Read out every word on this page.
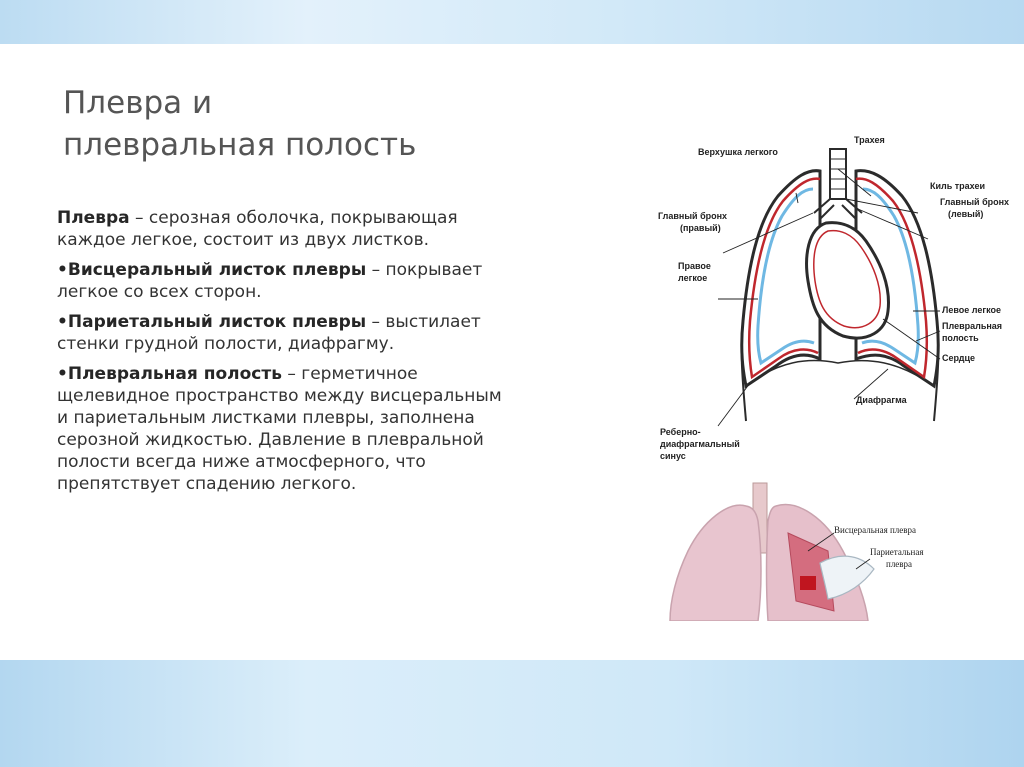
Плевра и
плевральная полость

Плевра – серозная оболочка, покрывающая
каждое легкое, состоит из двух листков.

•Висцеральный листок плевры – покрывает
легкое со всех сторон.

•Париетальный листок плевры – выстилает
стенки грудной полости, диафрагму.

•Плевральная полость – герметичное
щелевидное пространство между висцеральным
и париетальным листками плевры, заполнена
серозной жидкостью. Давление в плевральной
полости всегда ниже атмосферного, что
препятствует спадению легкого.

Трахея
Верхушка легкого
Киль трахеи
Главный бронх
(правый)
Главный бронх
(левый)
Правое
легкое
Левое легкое
Плевральная
полость
Сердце
Диафрагма
Реберно-
диафрагмальный
синус
Висцеральная плевра
Париетальная
плевра
